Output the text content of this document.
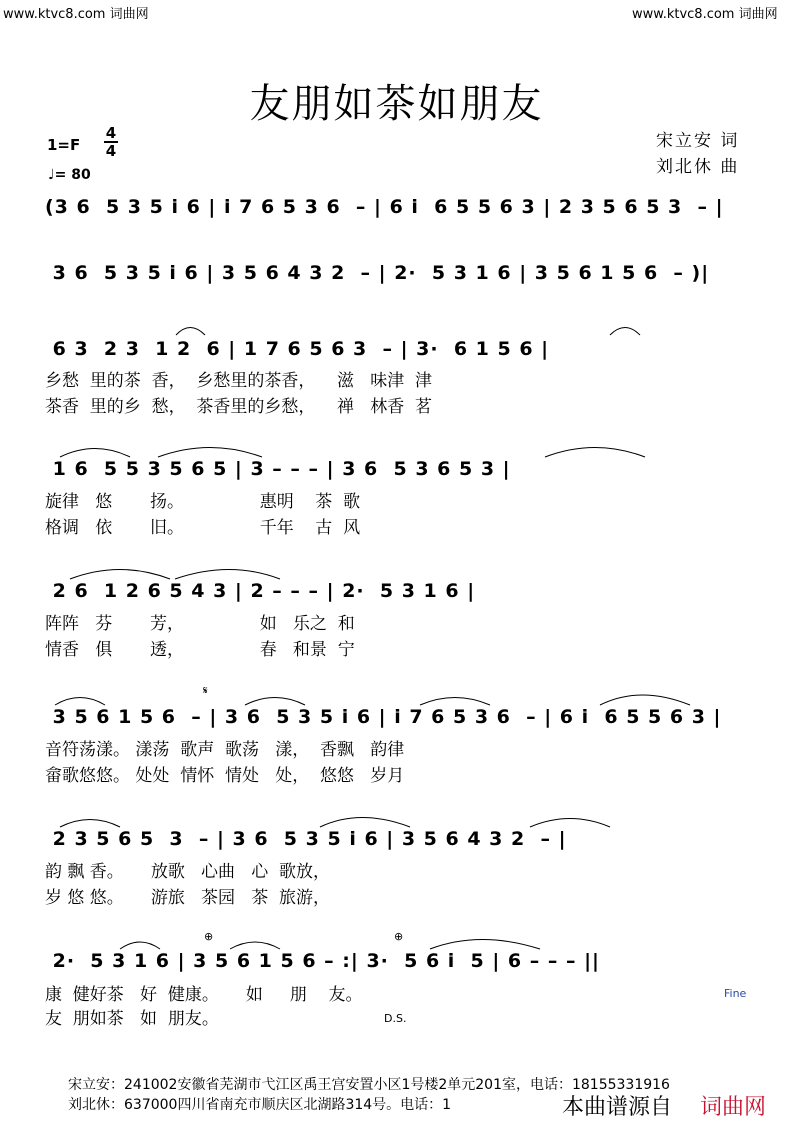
www.ktvc8.com 词曲网	www.ktvc8.com 词曲网
友朋如茶如朋友
1=F
4
4
♩= 80
宋立安 词
刘北休 曲
(3 6  5 3 5 i 6 | i 7 6 5 3 6  – | 6 i  6 5 5 6 3 | 2 3 5 6 5 3  – |
3 6  5 3 5 i 6 | 3 5 6 4 3 2  – | 2·  5 3 1 6 | 3 5 6 1 5 6  – )|
6 3  2 3  1 2  6 | 1 7 6 5 6 3  – | 3·  6 1 5 6 |
乡愁  里的茶  香，  乡愁里的茶香，    滋   味津  津
茶香  里的乡  愁，  茶香里的乡愁，    禅   林香  茗
1 6  5 5 3 5 6 5 | 3 – – – | 3 6  5 3 6 5 3 |
旋律   悠       扬。              惠明    茶  歌
格调   依       旧。              千年    古  风
2 6  1 2 6 5 4 3 | 2 – – – | 2·  5 3 1 6 |
阵阵   芬       芳，              如   乐之  和
情香   俱       透，              春   和景  宁
𝄋
3 5 6 1 5 6  – | 3 6  5 3 5 i 6 | i 7 6 5 3 6  – | 6 i  6 5 5 6 3 |
音符荡漾。 漾荡  歌声  歌荡   漾，  香飘   韵律
畲歌悠悠。 处处  情怀  情处   处，  悠悠   岁月
2 3 5 6 5  3  – | 3 6  5 3 5 i 6 | 3 5 6 4 3 2  – |
韵 飘 香。     放歌   心曲   心  歌放，
岁 悠 悠。     游旅   茶园   茶  旅游，
⊕	⊕
2·  5 3 1 6 | 3 5 6 1 5 6 – :| 3·  5 6 i  5 | 6 – – – ||
康  健好茶   好  健康。     如     朋    友。
友  朋如茶   如  朋友。	D.S.
Fine
宋立安：241002安徽省芜湖市弋江区禹王宫安置小区1号楼2单元201室，电话：18155331916
刘北休：637000四川省南充市顺庆区北湖路314号。电话：1	本曲谱源自 词曲网
